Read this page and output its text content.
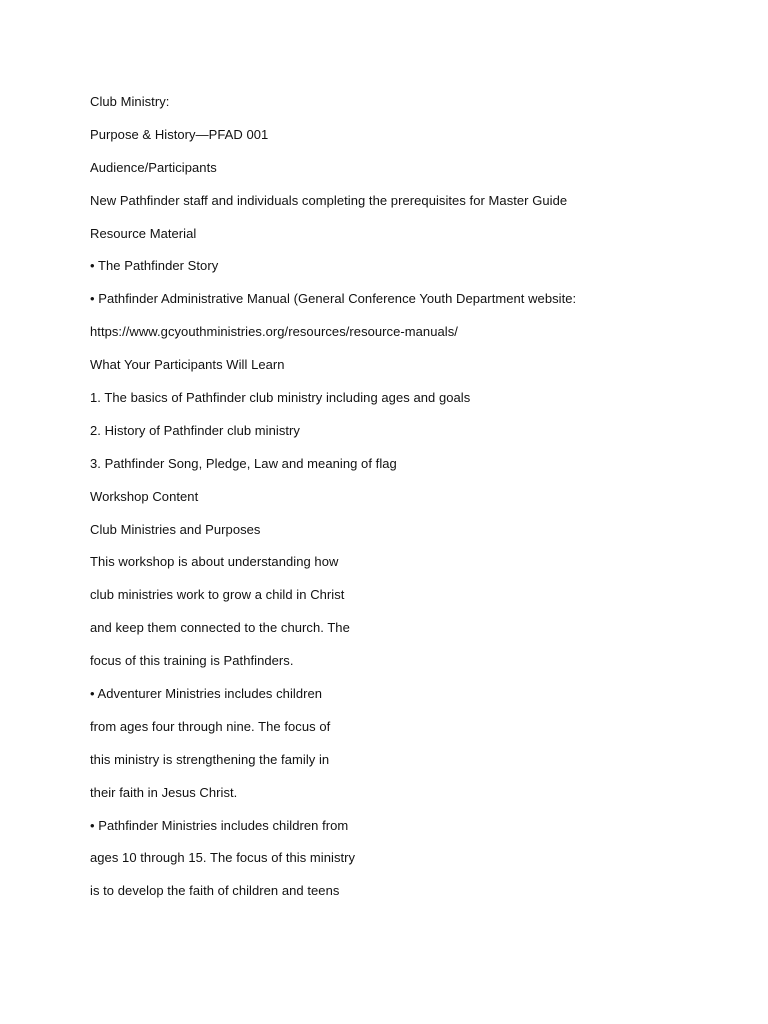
Club Ministry:
Purpose & History—PFAD 001
Audience/Participants
New Pathfinder staff and individuals completing the prerequisites for Master Guide
Resource Material
• The Pathfinder Story
• Pathfinder Administrative Manual (General Conference Youth Department website:
https://www.gcyouthministries.org/resources/resource-manuals/
What Your Participants Will Learn
1. The basics of Pathfinder club ministry including ages and goals
2. History of Pathfinder club ministry
3. Pathfinder Song, Pledge, Law and meaning of flag
Workshop Content
Club Ministries and Purposes
This workshop is about understanding how
club ministries work to grow a child in Christ
and keep them connected to the church. The
focus of this training is Pathfinders.
• Adventurer Ministries includes children
from ages four through nine. The focus of
this ministry is strengthening the family in
their faith in Jesus Christ.
• Pathfinder Ministries includes children from
ages 10 through 15. The focus of this ministry
is to develop the faith of children and teens
